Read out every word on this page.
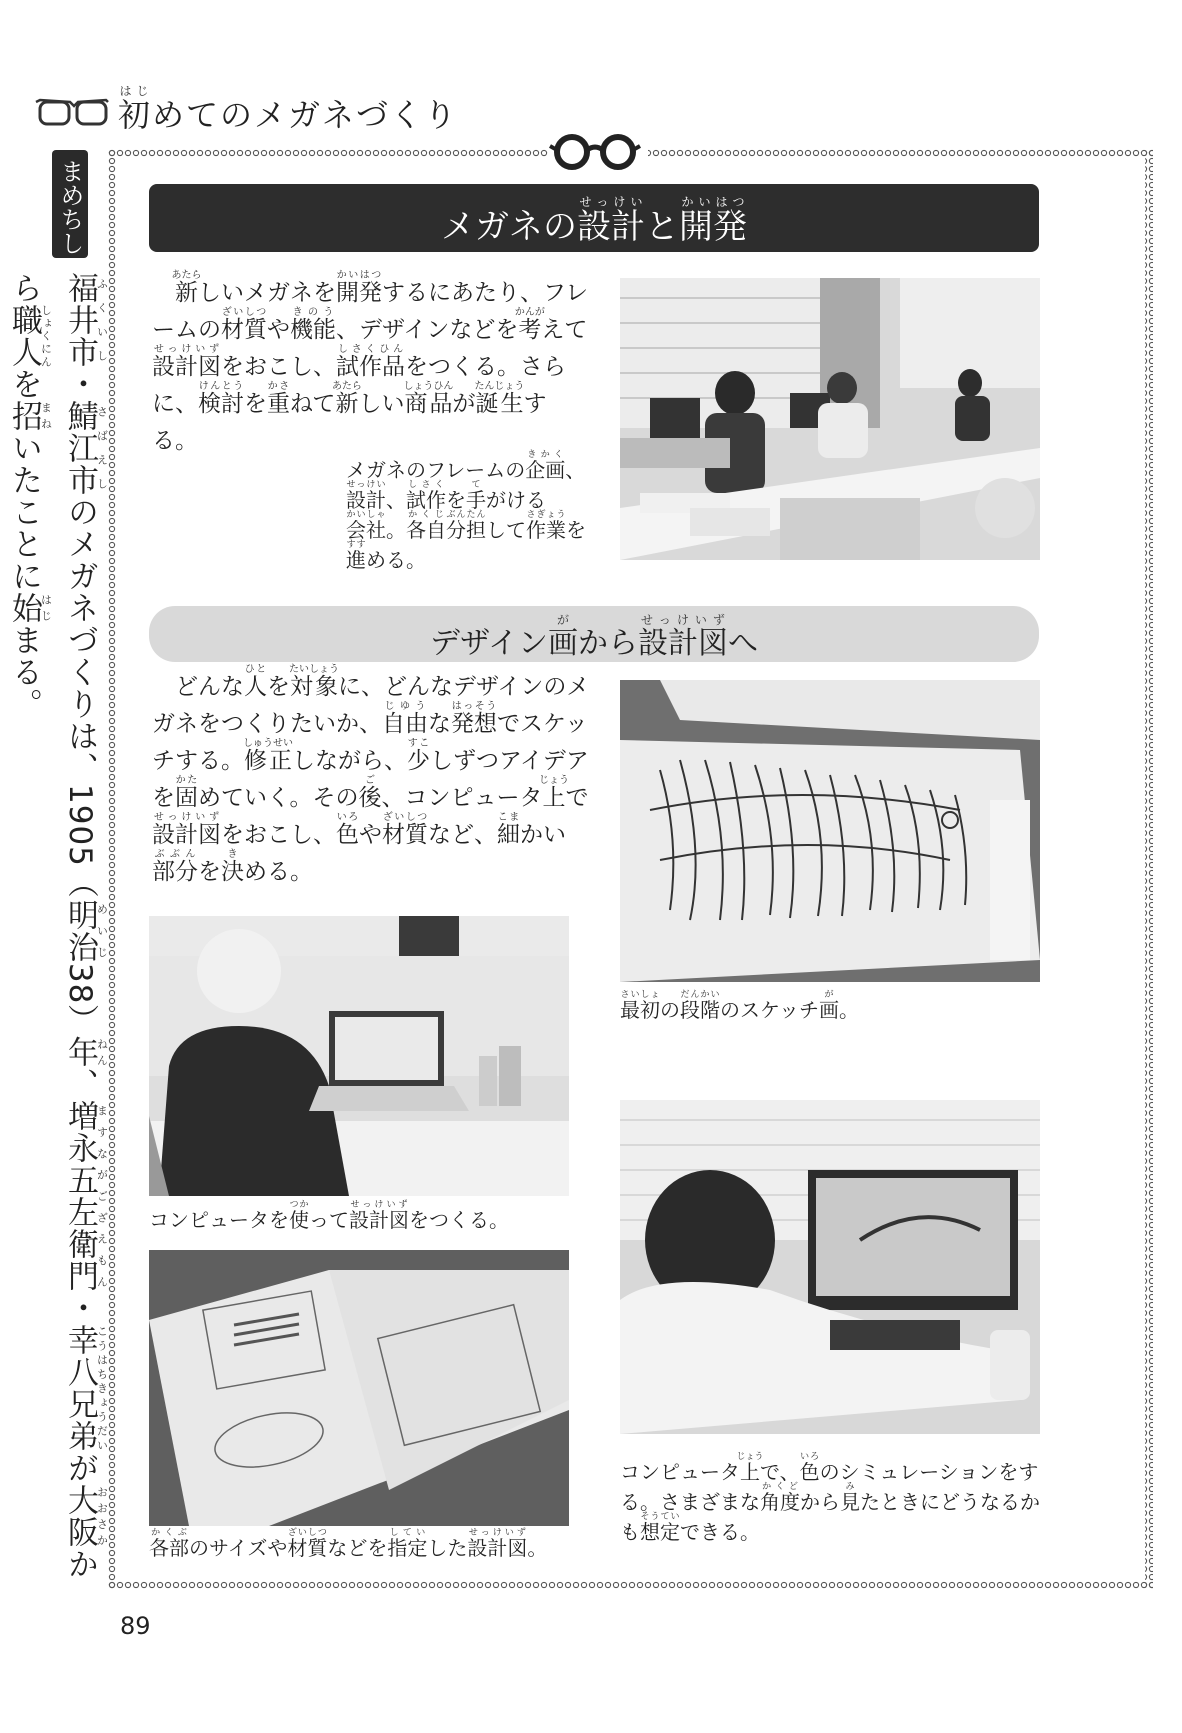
初はじめてのメガネづくり
まめちしき
福井市ふくいし・鯖江市さばえしのメガネづくりは、1905（明治めいじ38）年ねん、増永五左衛門ますながござえもん・幸八兄弟こうはちきょうだいが大阪おおさかから職人しょくにんを招まねいたことに始はじまる。
メガネの設計せっけいと開発かいはつ
　新あたらしいメガネを開発かいはつするにあたり、フレームの材質ざいしつや機能きのう、デザインなどを考かんがえて設計図せっけいずをおこし、試作品しさくひんをつくる。さらに、検討けんとうを重かさねて新あたらしい商品しょうひんが誕生たんじょうする。
メガネのフレームの企画きかく、設計せっけい、試作しさくを手てがける会社かいしゃ。各自かくじ分担ぶんたんして作業さぎょうを進すすめる。
デザイン画がから設計図せっけいずへ
　どんな人ひとを対象たいしょうに、どんなデザインのメガネをつくりたいか、自由じゆうな発想はっそうでスケッチする。修正しゅうせいしながら、少すこしずつアイデアを固かためていく。その後ご、コンピュータ上じょうで設計図せっけいずをおこし、色いろや材質ざいしつなど、細こまかい部分ぶぶんを決きめる。
最初さいしょの段階だんかいのスケッチ画が。
コンピュータを使つかって設計図せっけいずをつくる。
各部かくぶのサイズや材質ざいしつなどを指定していした設計図せっけいず。
コンピュータ上じょうで、色いろのシミュレーションをする。さまざまな角度かくどから見みたときにどうなるかも想定そうていできる。
89
